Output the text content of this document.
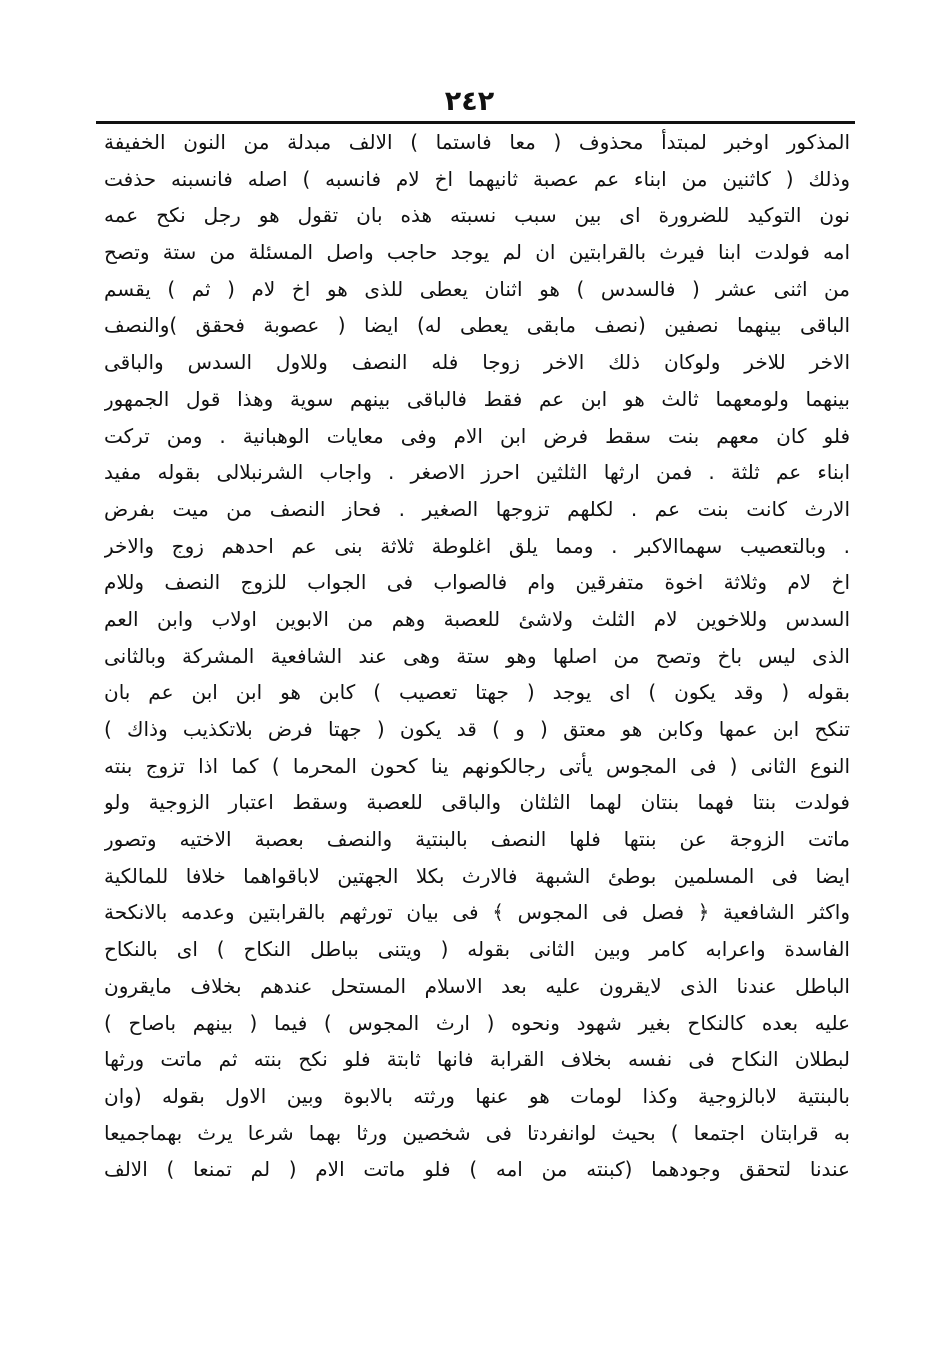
٢٤٢
المذكور اوخبر لمبتدأ محذوف ( معا فاستما ) الالف مبدلة من النون الخفيفة
وذلك ( كاثنين من ابناء عم عصبة ثانيهما اخ لام فانسبه ) اصله فانسبنه حذفت
نون التوكيد للضرورة اى بين سبب نسبته هذه بان تقول هو رجل نكح عمه
امه فولدت ابنا فيرث بالقرابتين ان لم يوجد حاجب واصل المسئلة من ستة وتصح
من اثنى عشر ( فالسدس ) هو اثنان يعطى للذى هو اخ لام ( ثم ) يقسم
الباقى بينهما نصفين (نصف مابقى يعطى له) ايضا ( عصوبة فحقق )والنصف
الاخر للاخر ولوكان ذلك الاخر زوجا فله النصف وللاول السدس والباقى
بينهما ولومعهما ثالث هو ابن عم فقط فالباقى بينهم سوية وهذا قول الجمهور
فلو كان معهم بنت سقط فرض ابن الام وفى معايات الوهبانية . ومن تركت
ابناء عم ثلثة . فمن ارثها الثلثين احرز الاصغر . واجاب الشرنبلالى بقوله مفيد
الارث كانت بنت عم . لكلهم تزوجها الصغير . فحاز النصف من ميت بفرض
. وبالتعصيب سهماالاكبر . ومما يلق اغلوطة ثلاثة بنى عم احدهم زوج والاخر
اخ لام وثلاثة اخوة متفرقين وام فالصواب فى الجواب للزوج النصف وللام
السدس وللاخوين لام الثلث ولاشئ للعصبة وهم من الابوين اولاب وابن العم
الذى ليس باخ وتصح من اصلها وهو ستة وهى عند الشافعية المشركة وبالثانى
بقوله ( وقد يكون ) اى يوجد ( جهتا تعصيب ) كابن هو ابن ابن عم بان
تنكح ابن عمها وكابن هو معتق ( و ) قد يكون ( جهتا فرض بلاتكذيب وذاك )
النوع الثانى ( فى المجوس يأتى رجالكونهم ينا كحون المحرما ) كما اذا تزوج بنته
فولدت بنتا فهما بنتان لهما الثلثان والباقى للعصبة وسقط اعتبار الزوجية ولو
ماتت الزوجة عن بنتها فلها النصف بالبنتية والنصف بعصبة الاختيه وتصور
ايضا فى المسلمين بوطئ الشبهة فالارث بكلا الجهتين لاباقواهما خلافا للمالكية
واكثر الشافعية ﴿ فصل فى المجوس ﴾ فى بيان تورثهم بالقرابتين وعدمه بالانكحة
الفاسدة واعرابه كامر وبين الثانى بقوله ( ويتنى بباطل النكاح ) اى بالنكاح
الباطل عندنا الذى لايقرون عليه بعد الاسلام المستحل عندهم بخلاف مايقرون
عليه بعده كالنكاح بغير شهود ونحوه ( ارث المجوس ) فيما ( بينهم باصاح )
لبطلان النكاح فى نفسه بخلاف القرابة فانها ثابتة فلو نكح بنته ثم ماتت ورثها
بالبنتية لابالزوجية وكذا لومات هو عنها ورثته بالابوة وبين الاول بقوله (وان
به قرابتان اجتمعا ) بحيث لوانفردتا فى شخصين ورثا بهما شرعا يرث بهماجميعا
عندنا لتحقق وجودهما (كبنته من امه ) فلو ماتت الام ( لم تمنعا ) الالف
